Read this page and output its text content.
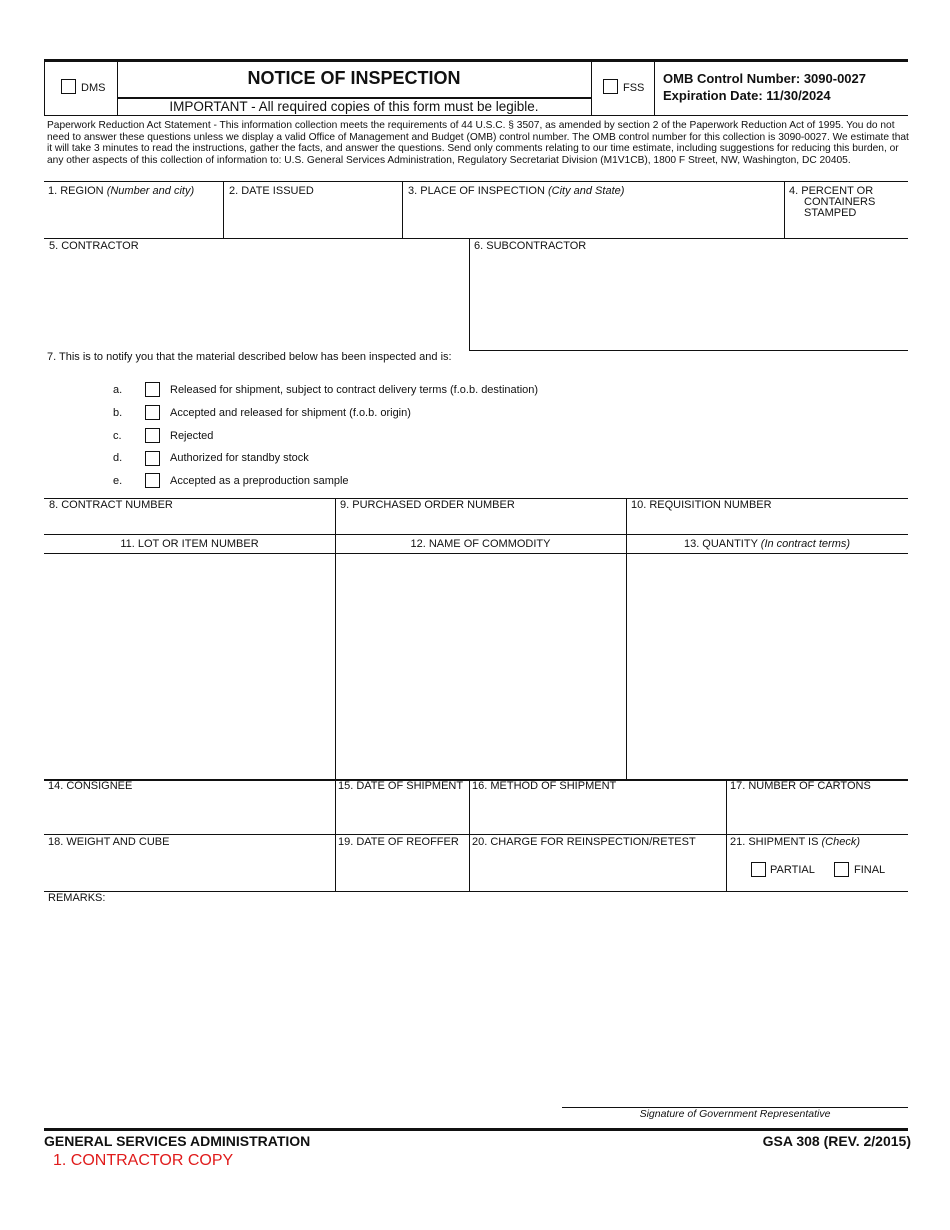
DMS	NOTICE OF INSPECTION
IMPORTANT - All required copies of this form must be legible.
FSS
OMB Control Number: 3090-0027
Expiration Date: 11/30/2024
Paperwork Reduction Act Statement - This information collection meets the requirements of 44 U.S.C. § 3507, as amended by section 2 of the Paperwork Reduction Act of 1995. You do not need to answer these questions unless we display a valid Office of Management and Budget (OMB) control number. The OMB control number for this collection is 3090-0027. We estimate that it will take 3 minutes to read the instructions, gather the facts, and answer the questions. Send only comments relating to our time estimate, including suggestions for reducing this burden, or any other aspects of this collection of information to: U.S. General Services Administration, Regulatory Secretariat Division (M1V1CB), 1800 F Street, NW, Washington, DC 20405.
1. REGION (Number and city)	2. DATE ISSUED	3. PLACE OF INSPECTION (City and State)	4. PERCENT OR
CONTAINERS
STAMPED
5. CONTRACTOR	6. SUBCONTRACTOR
7. This is to notify you that the material described below has been inspected and is:
a.	Released for shipment, subject to contract delivery terms (f.o.b. destination)
b.	Accepted and released for shipment (f.o.b. origin)
c.	Rejected
d.	Authorized for standby stock
e.	Accepted as a preproduction sample
8. CONTRACT NUMBER	9. PURCHASED ORDER NUMBER	10. REQUISITION NUMBER
11. LOT OR ITEM NUMBER	12. NAME OF COMMODITY	13. QUANTITY (In contract terms)
14. CONSIGNEE	15. DATE OF SHIPMENT 16. METHOD OF SHIPMENT	17. NUMBER OF CARTONS
18. WEIGHT AND CUBE	19. DATE OF REOFFER 20. CHARGE FOR REINSPECTION/RETEST	21. SHIPMENT IS (Check)
PARTIAL	FINAL
REMARKS:
Signature of Government Representative
GENERAL SERVICES ADMINISTRATION	GSA 308 (REV. 2/2015)
1. CONTRACTOR COPY
